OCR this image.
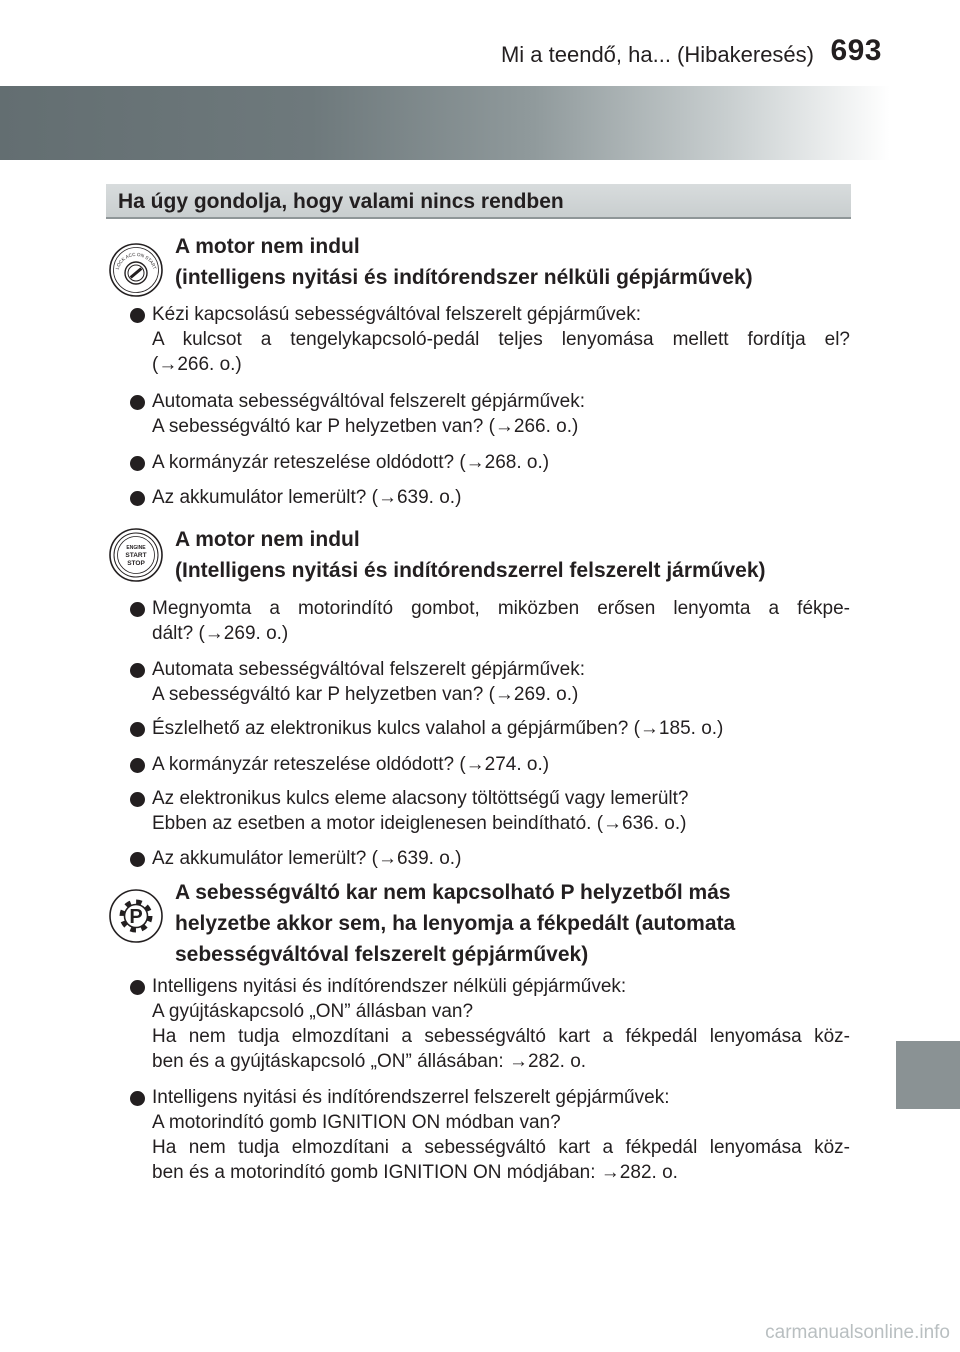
Mi a teendő, ha... (Hibakeresés) 693
Ha úgy gondolja, hogy valami nincs rendben
LOCK ACC ON START
A motor nem indul
(intelligens nyitási és indítórendszer nélküli gépjárművek)
Kézi kapcsolású sebességváltóval felszerelt gépjárművek:
A kulcsot a tengelykapcsoló-pedál teljes lenyomása mellett fordítja el?
(→266. o.)
Automata sebességváltóval felszerelt gépjárművek:
A sebességváltó kar P helyzetben van? (→266. o.)
A kormányzár reteszelése oldódott? (→268. o.)
Az akkumulátor lemerült? (→639. o.)
ENGINE
START
STOP
A motor nem indul
(Intelligens nyitási és indítórendszerrel felszerelt járművek)
Megnyomta a motorindító gombot, miközben erősen lenyomta a fékpe-
dált? (→269. o.)
Automata sebességváltóval felszerelt gépjárművek:
A sebességváltó kar P helyzetben van? (→269. o.)
Észlelhető az elektronikus kulcs valahol a gépjárműben? (→185. o.)
A kormányzár reteszelése oldódott? (→274. o.)
Az elektronikus kulcs eleme alacsony töltöttségű vagy lemerült?
Ebben az esetben a motor ideiglenesen beindítható. (→636. o.)
Az akkumulátor lemerült? (→639. o.)
P
A sebességváltó kar nem kapcsolható P helyzetből más
helyzetbe akkor sem, ha lenyomja a fékpedált (automata
sebességváltóval felszerelt gépjárművek)
Intelligens nyitási és indítórendszer nélküli gépjárművek:
A gyújtáskapcsoló „ON” állásban van?
Ha nem tudja elmozdítani a sebességváltó kart a fékpedál lenyomása köz-
ben és a gyújtáskapcsoló „ON” állásában: →282. o.
Intelligens nyitási és indítórendszerrel felszerelt gépjárművek:
A motorindító gomb IGNITION ON módban van?
Ha nem tudja elmozdítani a sebességváltó kart a fékpedál lenyomása köz-
ben és a motorindító gomb IGNITION ON módjában: →282. o.
carmanualsonline.info
